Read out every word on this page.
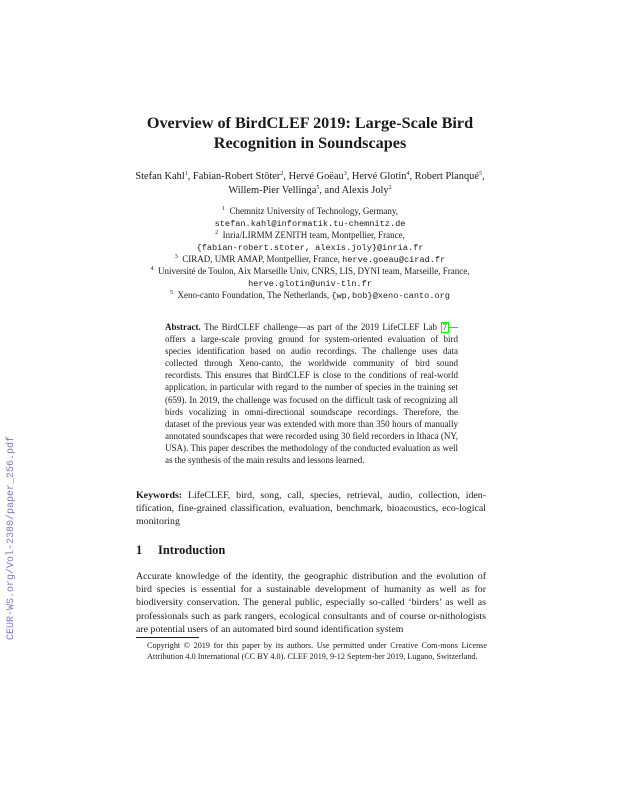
Overview of BirdCLEF 2019: Large-Scale Bird
Recognition in Soundscapes
Stefan Kahl$^1$, Fabian-Robert Stöter$^2$, Hervé Goëau$^3$, Hervé Glotin$^4$, Robert Planqué$^5$, Willem-Pier Vellinga$^5$, and Alexis Joly$^2$
$^1$ Chemnitz University of Technology, Germany,
stefan.kahl@informatik.tu-chemnitz.de
$^2$ Inria/LIRMM ZENITH team, Montpellier, France,
{fabian-robert.stoter, alexis.joly}@inria.fr
$^3$ CIRAD, UMR AMAP, Montpellier, France, herve.goeau@cirad.fr
$^4$ Université de Toulon, Aix Marseille Univ, CNRS, LIS, DYNI team, Marseille, France, herve.glotin@univ-tln.fr
$^5$ Xeno-canto Foundation, The Netherlands, {wp,bob}@xeno-canto.org
Abstract. The BirdCLEF challenge—as part of the 2019 LifeCLEF Lab 7 —offers a large-scale proving ground for system-oriented evaluation of bird species identification based on audio recordings. The challenge uses data collected through Xeno-canto, the worldwide community of bird sound recordists. This ensures that BirdCLEF is close to the conditions of real-world application, in particular with regard to the number of species in the training set (659). In 2019, the challenge was focused on the difficult task of recognizing all birds vocalizing in omni-directional soundscape recordings. Therefore, the dataset of the previous year was extended with more than 350 hours of manually annotated soundscapes that were recorded using 30 field recorders in Ithaca (NY, USA). This paper describes the methodology of the conducted evaluation as well as the synthesis of the main results and lessons learned.
Keywords: LifeCLEF, bird, song, call, species, retrieval, audio, collection, iden-tification, fine-grained classification, evaluation, benchmark, bioacoustics, eco-logical monitoring
1 Introduction
Accurate knowledge of the identity, the geographic distribution and the evolution of bird species is essential for a sustainable development of humanity as well as for biodiversity conservation. The general public, especially so-called ‘birders’ as well as professionals such as park rangers, ecological consultants and of course or-nithologists are potential users of an automated bird sound identification system
Copyright © 2019 for this paper by its authors. Use permitted under Creative Com-mons License Attribution 4.0 International (CC BY 4.0). CLEF 2019, 9-12 Septem-ber 2019, Lugano, Switzerland.
CEUR-WS.org/Vol-2380/paper_256.pdf
